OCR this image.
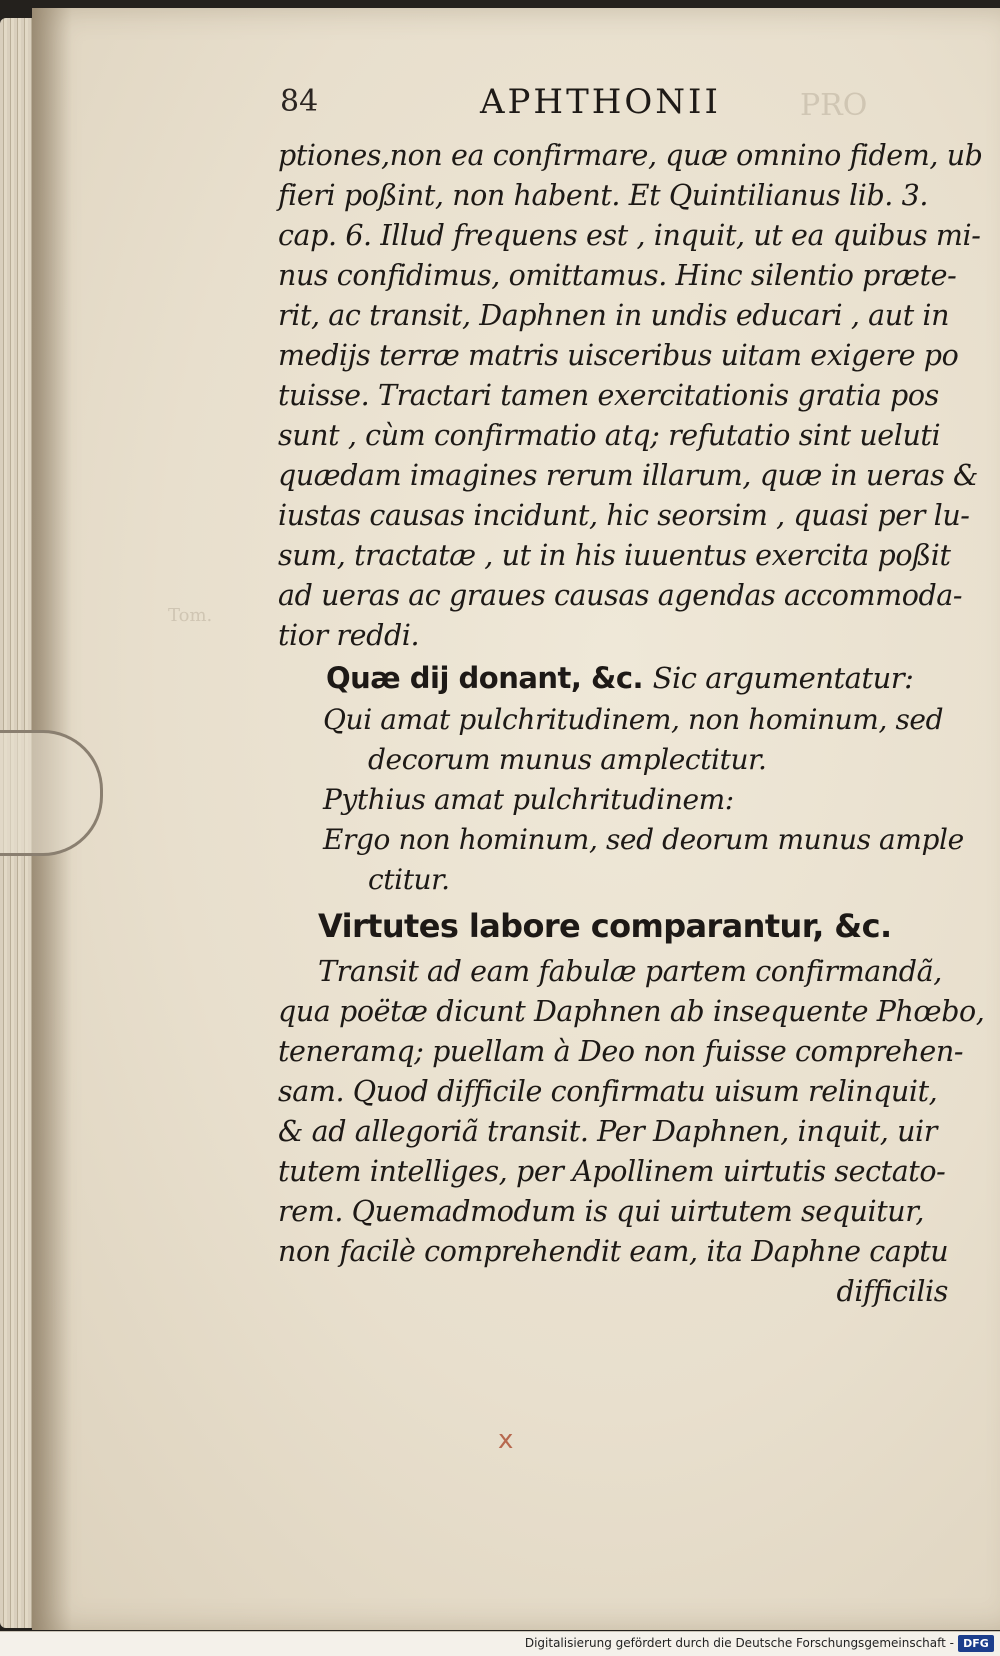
PRO
Tom.
84	APHTHONII
ptiones,non ea confirmare, quæ omnino fidem, ub
fieri poßint, non habent. Et Quintilianus lib. 3.
cap. 6. Illud frequens est , inquit, ut ea quibus mi-
nus confidimus, omittamus. Hinc silentio præte-
rit, ac transit, Daphnen in undis educari , aut in
medijs terræ matris uisceribus uitam exigere po
tuisse. Tractari tamen exercitationis gratia pos
sunt , cùm confirmatio atq; refutatio sint ueluti
quædam imagines rerum illarum, quæ in ueras &
iustas causas incidunt, hic seorsim , quasi per lu-
sum, tractatæ , ut in his iuuentus exercita poßit
ad ueras ac graues causas agendas accommoda-
tior reddi.
Quæ dij donant, &c. Sic argumentatur:
Qui amat pulchritudinem, non hominum, sed
decorum munus amplectitur.
Pythius amat pulchritudinem:
Ergo non hominum, sed deorum munus ample
ctitur.
Virtutes labore comparantur, &c.
Transit ad eam fabulæ partem confirmandã,
qua poëtæ dicunt Daphnen ab insequente Phœbo,
teneramq; puellam à Deo non fuisse comprehen-
sam. Quod difficile confirmatu uisum relinquit,
& ad allegoriã transit. Per Daphnen, inquit, uir
tutem intelliges, per Apollinem uirtutis sectato-
rem. Quemadmodum is qui uirtutem sequitur,
non facilè comprehendit eam, ita Daphne captu
difficilis
x
Digitalisierung gefördert durch die Deutsche Forschungsgemeinschaft - DFG
